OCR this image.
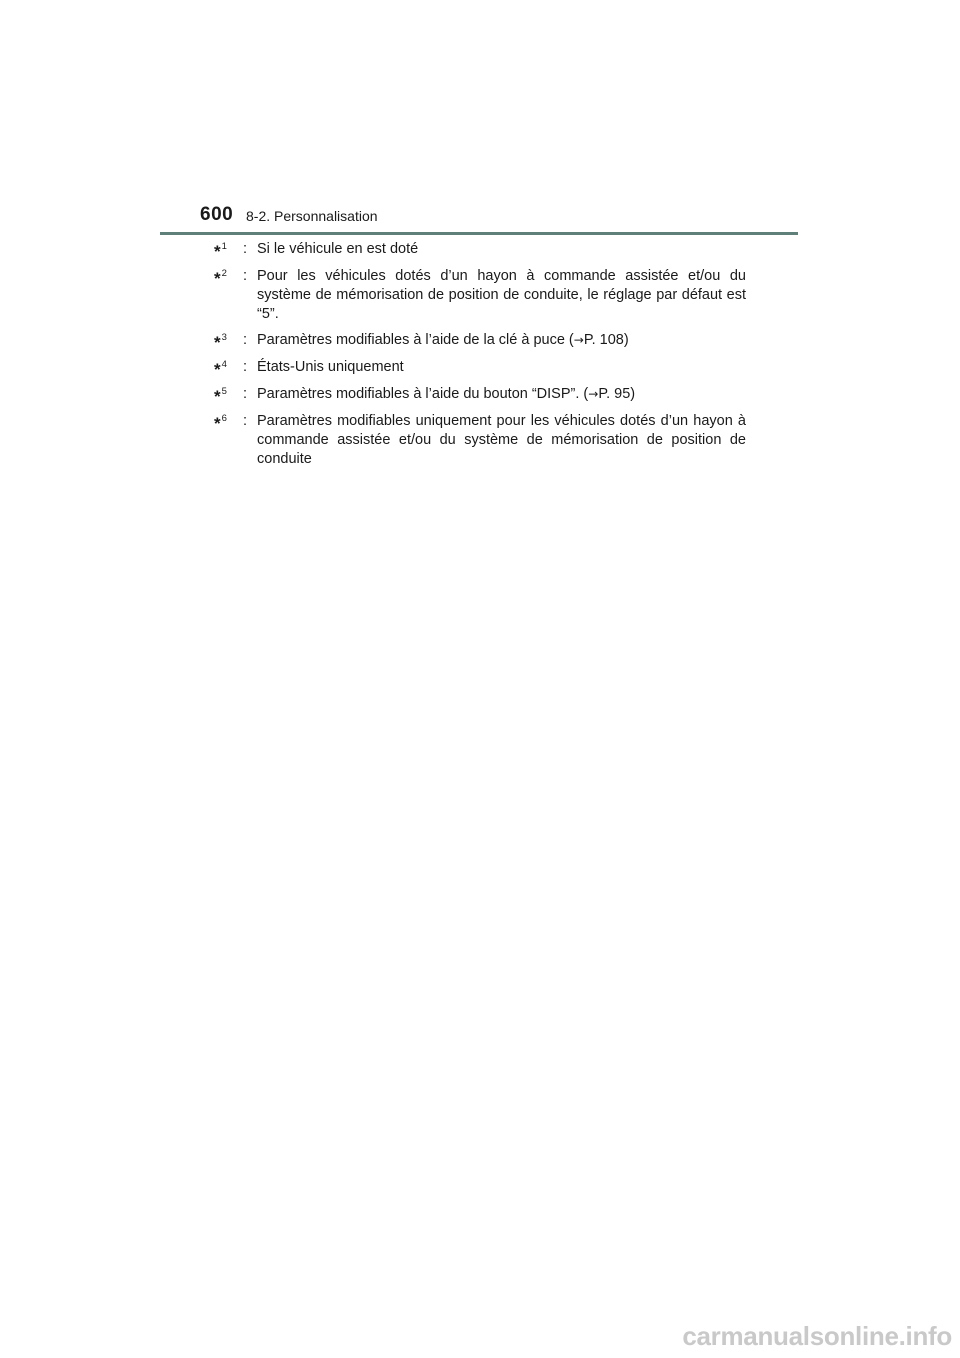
600 8-2. Personnalisation
*$^1$	: Si le véhicule en est doté
*$^2$	: Pour les véhicules dotés d’un hayon à commande assistée et/ou du système de mémorisation de position de conduite, le réglage par défaut est “5”.
*$^3$	: Paramètres modifiables à l’aide de la clé à puce (→P. 108)
*$^4$	: États-Unis uniquement
*$^5$	: Paramètres modifiables à l’aide du bouton “DISP”. (→P. 95)
*$^6$	: Paramètres modifiables uniquement pour les véhicules dotés d’un hayon à commande assistée et/ou du système de mémorisation de position de conduite
carmanualsonline.info
